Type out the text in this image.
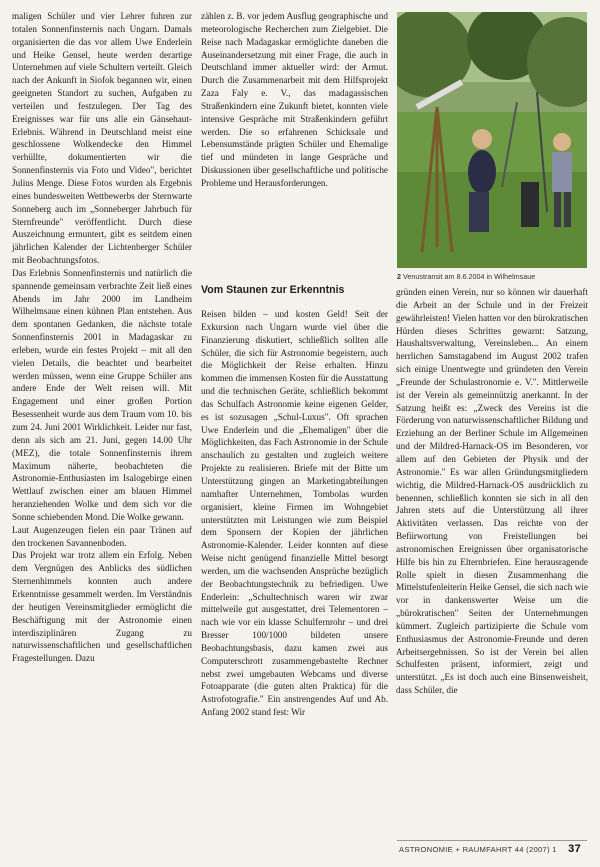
maligen Schüler und vier Lehrer fuhren zur totalen Sonnenfinsternis nach Ungarn. Damals organisierten die das vor allem Uwe Enderlein und Heike Gensel, heute werden derartige Unternehmen auf viele Schultern verteilt. Gleich nach der Ankunft in Siofok begannen wir, einen geeigneten Standort zu suchen, Aufgaben zu verteilen und festzulegen. Der Tag des Ereignisses war für uns alle ein Gänsehaut-Erlebnis. Während in Deutschland meist eine geschlossene Wolkendecke den Himmel verhüllte, dokumentierten wir die Sonnenfinsternis via Foto und Video", berichtet Julius Menge. Diese Fotos wurden als Ergebnis eines bundesweiten Wettbewerbs der Sternwarte Sonneberg auch im „Sonneberger Jahrbuch für Sternfreunde" veröffentlicht. Durch diese Auszeichnung ermuntert, gibt es seitdem einen jährlichen Kalender der Lichtenberger Schüler mit Beobachtungsfotos.

Das Erlebnis Sonnenfinsternis und natürlich die spannende gemeinsam verbrachte Zeit ließ eines Abends im Jahr 2000 im Landheim Wilhelmsaue einen kühnen Plan entstehen. Aus dem spontanen Gedanken, die nächste totale Sonnenfinsternis 2001 in Madagaskar zu erleben, wurde ein festes Projekt – mit all den vielen Details, die beachtet und bearbeitet werden müssen, wenn eine Gruppe Schüler ans andere Ende der Welt reisen will. Mit Engagement und einer großen Portion Besessenheit wurde aus dem Traum vom 10. bis zum 24. Juni 2001 Wirklichkeit. Leider nur fast, denn als sich am 21. Juni, gegen 14.00 Uhr (MEZ), die totale Sonnenfinsternis ihrem Maximum näherte, beobachteten die Astronomie-Enthusiasten im Isalogebirge einen Wettlauf zwischen einer am blauen Himmel heranziehenden Wolke und dem sich vor die Sonne schiebenden Mond. Die Wolke gewann.

Laut Augenzeugen fielen ein paar Tränen auf den trockenen Savannenboden.

Das Projekt war trotz allem ein Erfolg. Neben dem Vergnügen des Anblicks des südlichen Sternenhimmels konnten auch andere Erkenntnisse gesammelt werden. Im Verständnis der heutigen Vereinsmitglieder ermöglicht die Beschäftigung mit der Astronomie einen interdisziplinären Zugang zu naturwissenschaftlichen und gesellschaftlichen Fragestellungen. Dazu

zählen z. B. vor jedem Ausflug geographische und meteorologische Recherchen zum Zielgebiet. Die Reise nach Madagaskar ermöglichte daneben die Auseinandersetzung mit einer Frage, die auch in Deutschland immer aktueller wird: der Armut. Durch die Zusammenarbeit mit dem Hilfsprojekt Zaza Faly e. V., das madagassischen Straßenkindern eine Zukunft bietet, konnten viele intensive Gespräche mit Straßenkindern geführt werden. Die so erfahrenen Schicksale und Lebensumstände prägten Schüler und Ehemalige tief und mündeten in lange Gespräche und Diskussionen über gesellschaftliche und politische Probleme und Herausforderungen.

Vom Staunen zur Erkenntnis

Reisen bilden – und kosten Geld! Seit der Exkursion nach Ungarn wurde viel über die Finanzierung diskutiert, schließlich sollten alle Schüler, die sich für Astronomie begeistern, auch die Möglichkeit der Reise erhalten. Hinzu kommen die immensen Kosten für die Ausstattung und die technischen Geräte, schließlich bekommt das Schulfach Astronomie keine eigenen Gelder, es ist sozusagen „Schul-Luxus". Oft sprachen Uwe Enderlein und die „Ehemaligen" über die Möglichkeiten, das Fach Astronomie in der Schule anschaulich zu gestalten und zugleich weitere Projekte zu realisieren. Briefe mit der Bitte um Unterstützung gingen an Marketingabteilungen namhafter Unternehmen, Tombolas wurden organisiert, kleine Firmen im Wohngebiet unterstützten mit Leistungen wie zum Beispiel dem Sponsern der Kopien der jährlichen Astronomie-Kalender. Leider konnten auf diese Weise nicht genügend finanzielle Mittel besorgt werden, um die wachsenden Ansprüche bezüglich der Beobachtungstechnik zu befriedigen. Uwe Enderlein: „Schultechnisch waren wir zwar mittelweile gut ausgestattet, drei Telementoren – nach wie vor ein klasse Schulfernrohr – und drei Bresser 100/1000 bildeten unsere Beobachtungsbasis, dazu kamen zwei aus Computerschrott zusammengebastelte Rechner nebst zwei umgebauten Webcams und diverse Fotoapparate (die guten alten Praktica) für die Astrofotografie." Ein anstrengendes Auf und Ab. Anfang 2002 stand fest: Wir

2 Venustransit am 8.6.2004 in Wilhelmsaue

gründen einen Verein, nur so können wir dauerhaft die Arbeit an der Schule und in der Freizeit gewährleisten! Vielen hatten vor den bürokratischen Hürden dieses Schrittes gewarnt: Satzung, Haushaltsverwaltung, Vereinsleben... An einem herrlichen Samstagabend im August 2002 trafen sich einige Unentwegte und gründeten den Verein „Freunde der Schulastronomie e. V.". Mittlerweile ist der Verein als gemeinnützig anerkannt. In der Satzung heißt es: „Zweck des Vereins ist die Förderung von naturwissenschaftlicher Bildung und Erziehung an der Berliner Schule im Allgemeinen und der Mildred-Harnack-OS im Besonderen, vor allem auf den Gebieten der Physik und der Astronomie." Es war allen Gründungsmitgliedern wichtig, die Mildred-Harnack-OS ausdrücklich zu benennen, schließlich konnten sie sich in all den Jahren stets auf die Unterstützung all ihrer Aktivitäten verlassen. Das reichte von der Befürwortung von Freistellungen bei astronomischen Ereignissen über organisatorische Hilfe bis hin zu Elternbriefen. Eine herausragende Rolle spielt in diesen Zusammenhang die Mittelstufenleiterin Heike Gensel, die sich nach wie vor in dankenswerter Weise um die „bürokratischen" Seiten der Unternehmungen kümmert. Zugleich partizipierte die Schule vom Enthusiasmus der Astronomie-Freunde und deren Arbeitsergebnissen. So ist der Verein bei allen Schulfesten präsent, informiert, zeigt und unterstützt. „Es ist doch auch eine Binsenweisheit, dass Schüler, die

ASTRONOMIE + RAUMFAHRT 44 (2007) 1 37
